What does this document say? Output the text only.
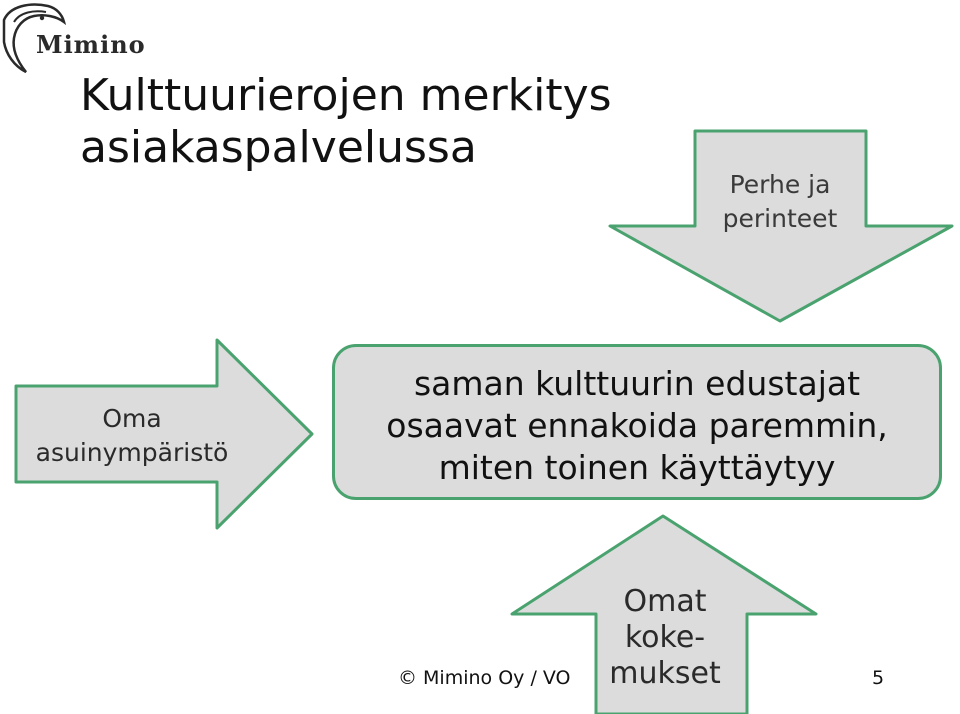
Mimino
Kulttuurierojen merkitys
asiakaspalvelussa
Perhe ja
perinteet
Oma
asuinympäristö
Omat
koke-
mukset
saman kulttuurin edustajat
osaavat ennakoida paremmin,
miten toinen käyttäytyy
© Mimino Oy / VO	5
